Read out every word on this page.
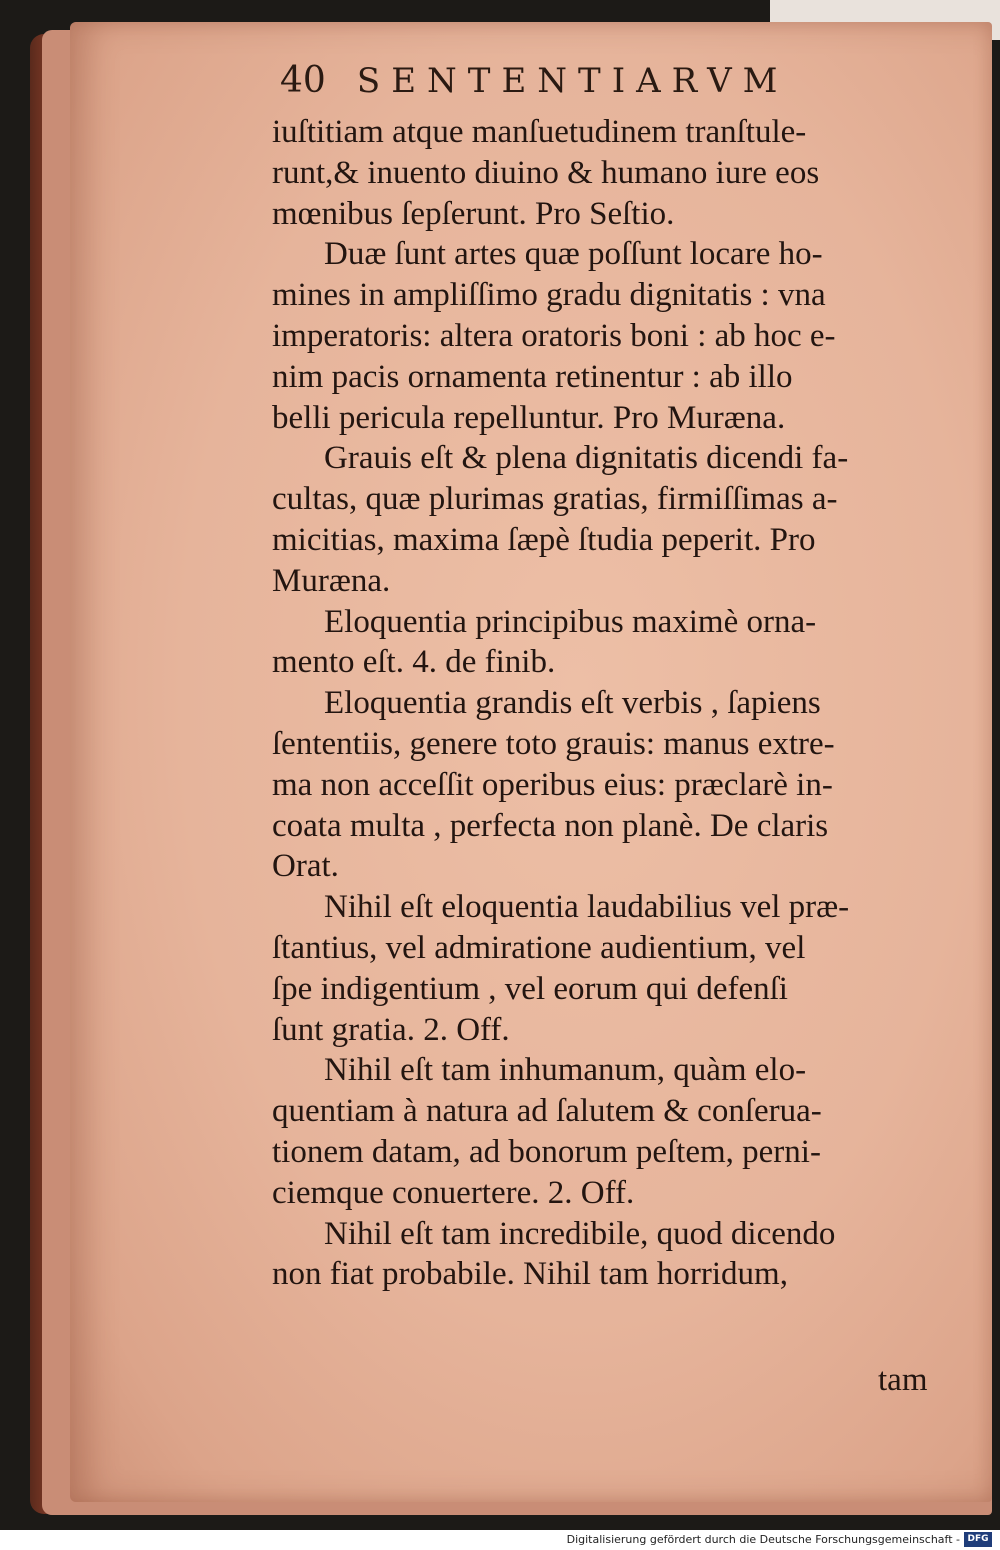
40 SENTENTIARVM

iuſtitiam atque manſuetudinem tranſtule-
runt,& inuento diuino & humano iure eos
mœnibus ſepſerunt. Pro Seſtio.

Duæ ſunt artes quæ poſſunt locare ho-
mines in ampliſſimo gradu dignitatis : vna
imperatoris: altera oratoris boni : ab hoc e-
nim pacis ornamenta retinentur : ab illo
belli pericula repelluntur. Pro Muræna.

Grauis eſt & plena dignitatis dicendi fa-
cultas, quæ plurimas gratias, firmiſſimas a-
micitias, maxima ſæpè ſtudia peperit. Pro
Muræna.

Eloquentia principibus maximè orna-
mento eſt. 4. de finib.

Eloquentia grandis eſt verbis , ſapiens
ſententiis, genere toto grauis: manus extre-
ma non acceſſit operibus eius: præclarè in-
coata multa , perfecta non planè. De claris
Orat.

Nihil eſt eloquentia laudabilius vel præ-
ſtantius, vel admiratione audientium, vel
ſpe indigentium , vel eorum qui defenſi
ſunt gratia. 2. Off.

Nihil eſt tam inhumanum, quàm elo-
quentiam à natura ad ſalutem & conſerua-
tionem datam, ad bonorum peſtem, perni-
ciemque conuertere. 2. Off.

Nihil eſt tam incredibile, quod dicendo
non fiat probabile. Nihil tam horridum,

tam
Digitalisierung gefördert durch die Deutsche Forschungsgemeinschaft - DFG
